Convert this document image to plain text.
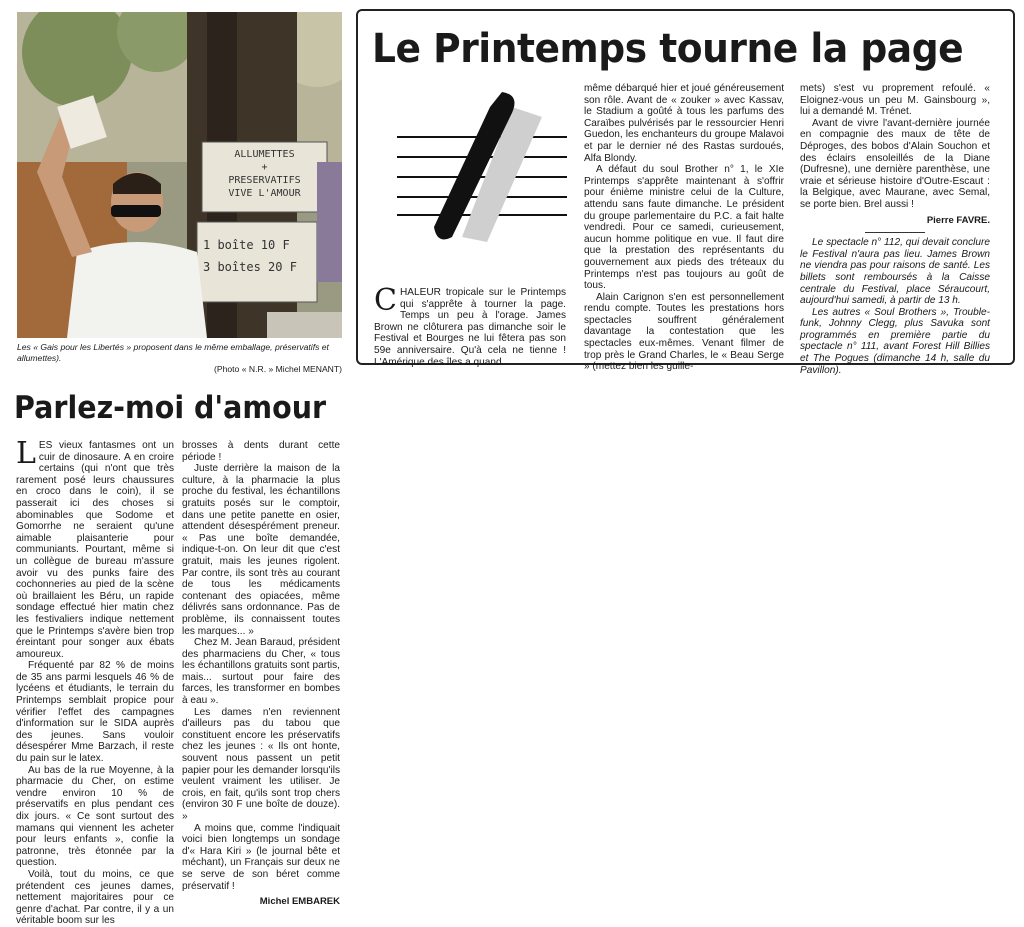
ALLUMETTES
+
PRESERVATIFS
VIVE L'AMOUR
1 boîte 10 F
3 boîtes 20 F
Les « Gais pour les Libertés » proposent dans le même emballage, préservatifs et allumettes).
(Photo « N.R. » Michel MENANT)
Le Printemps tourne la page
C HALEUR tropicale sur le Printemps qui s'apprête à tourner la page. Temps un peu à l'orage. James Brown ne clôturera pas dimanche soir le Festival et Bourges ne lui fêtera pas son 59e anniversaire. Qu'à cela ne tienne ! L'Amérique des îles a quand

même débarqué hier et joué généreusement son rôle. Avant de « zouker » avec Kassav, le Stadium a goûté à tous les parfums des Caraïbes pulvérisés par le ressourcier Henri Guedon, les enchanteurs du groupe Malavoi et par le dernier né des Rastas surdoués, Alfa Blondy.

A défaut du soul Brother n° 1, le XIe Printemps s'apprête maintenant à s'offrir pour énième ministre celui de la Culture, attendu sans faute dimanche. Le président du groupe parlementaire du P.C. a fait halte vendredi. Pour ce samedi, curieusement, aucun homme politique en vue. Il faut dire que la prestation des représentants du gouvernement aux pieds des tréteaux du Printemps n'est pas toujours au goût de tous.

Alain Carignon s'en est personnellement rendu compte. Toutes les prestations hors spectacles souffrent généralement davantage la contestation que les spectacles eux-mêmes. Venant filmer de trop près le Grand Charles, le « Beau Serge » (mettez bien les guille-

mets) s'est vu proprement refoulé. « Eloignez-vous un peu M. Gainsbourg », lui a demandé M. Trénet.

Avant de vivre l'avant-dernière journée en compagnie des maux de tête de Déproges, des bobos d'Alain Souchon et des éclairs ensoleillés de la Diane (Dufresne), une dernière parenthèse, une vraie et sérieuse histoire d'Outre-Escaut : la Belgique, avec Maurane, avec Semal, se porte bien. Brel aussi !

Pierre FAVRE.

Le spectacle n° 112, qui devait conclure le Festival n'aura pas lieu. James Brown ne viendra pas pour raisons de santé. Les billets sont remboursés à la Caisse centrale du Festival, place Séraucourt, aujourd'hui samedi, à partir de 13 h.

Les autres « Soul Brothers », Trouble-funk, Johnny Clegg, plus Savuka sont programmés en première partie du spectacle n° 111, avant Forest Hill Billies et The Pogues (dimanche 14 h, salle du Pavillon).

Parlez-moi d'amour
L ES vieux fantasmes ont un cuir de dinosaure. A en croire certains (qui n'ont que très rarement posé leurs chaussures en croco dans le coin), il se passerait ici des choses si abominables que Sodome et Gomorrhe ne seraient qu'une aimable plaisanterie pour communiants. Pourtant, même si un collègue de bureau m'assure avoir vu des punks faire des cochonneries au pied de la scène où braillaient les Béru, un rapide sondage effectué hier matin chez les festivaliers indique nettement que le Printemps s'avère bien trop éreintant pour songer aux ébats amoureux.

Fréquenté par 82 % de moins de 35 ans parmi lesquels 46 % de lycéens et étudiants, le terrain du Printemps semblait propice pour vérifier l'effet des campagnes d'information sur le SIDA auprès des jeunes. Sans vouloir désespérer Mme Barzach, il reste du pain sur le latex.

Au bas de la rue Moyenne, à la pharmacie du Cher, on estime vendre environ 10 % de préservatifs en plus pendant ces dix jours. « Ce sont surtout des mamans qui viennent les acheter pour leurs enfants », confie la patronne, très étonnée par la question.

Voilà, tout du moins, ce que prétendent ces jeunes dames, nettement majoritaires pour ce genre d'achat. Par contre, il y a un véritable boom sur les

brosses à dents durant cette période !

Juste derrière la maison de la culture, à la pharmacie la plus proche du festival, les échantillons gratuits posés sur le comptoir, dans une petite panette en osier, attendent désespérément preneur. « Pas une boîte demandée, indique-t-on. On leur dit que c'est gratuit, mais les jeunes rigolent. Par contre, ils sont très au courant de tous les médicaments contenant des opiacées, même délivrés sans ordonnance. Pas de problème, ils connaissent toutes les marques... »

Chez M. Jean Baraud, président des pharmaciens du Cher, « tous les échantillons gratuits sont partis, mais... surtout pour faire des farces, les transformer en bombes à eau ».

Les dames n'en reviennent d'ailleurs pas du tabou que constituent encore les préservatifs chez les jeunes : « Ils ont honte, souvent nous passent un petit papier pour les demander lorsqu'ils veulent vraiment les utiliser. Je crois, en fait, qu'ils sont trop chers (environ 30 F une boîte de douze). »

A moins que, comme l'indiquait voici bien longtemps un sondage d'« Hara Kiri » (le journal bête et méchant), un Français sur deux ne se serve de son béret comme préservatif !

Michel EMBAREK
